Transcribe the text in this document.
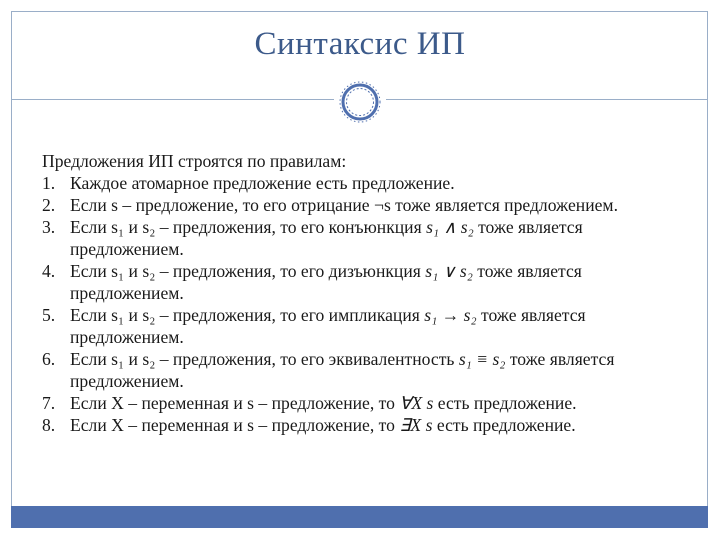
Синтаксис ИП

Предложения ИП строятся по правилам:

1. Каждое атомарное предложение есть предложение.
2. Если s – предложение, то его отрицание ¬s тоже является предложением.
3. Если s₁ и s₂ – предложения, то его конъюнкция s₁ ∧ s₂ тоже является предложением.
4. Если s₁ и s₂ – предложения, то его дизъюнкция s₁ ∨ s₂ тоже является предложением.
5. Если s₁ и s₂ – предложения, то его импликация s₁ → s₂ тоже является предложением.
6. Если s₁ и s₂ – предложения, то его эквивалентность s₁ ≡ s₂ тоже является предложением.
7. Если X – переменная и s – предложение, то ∀X s есть предложение.
8. Если X – переменная и s – предложение, то ∃X s есть предложение.
